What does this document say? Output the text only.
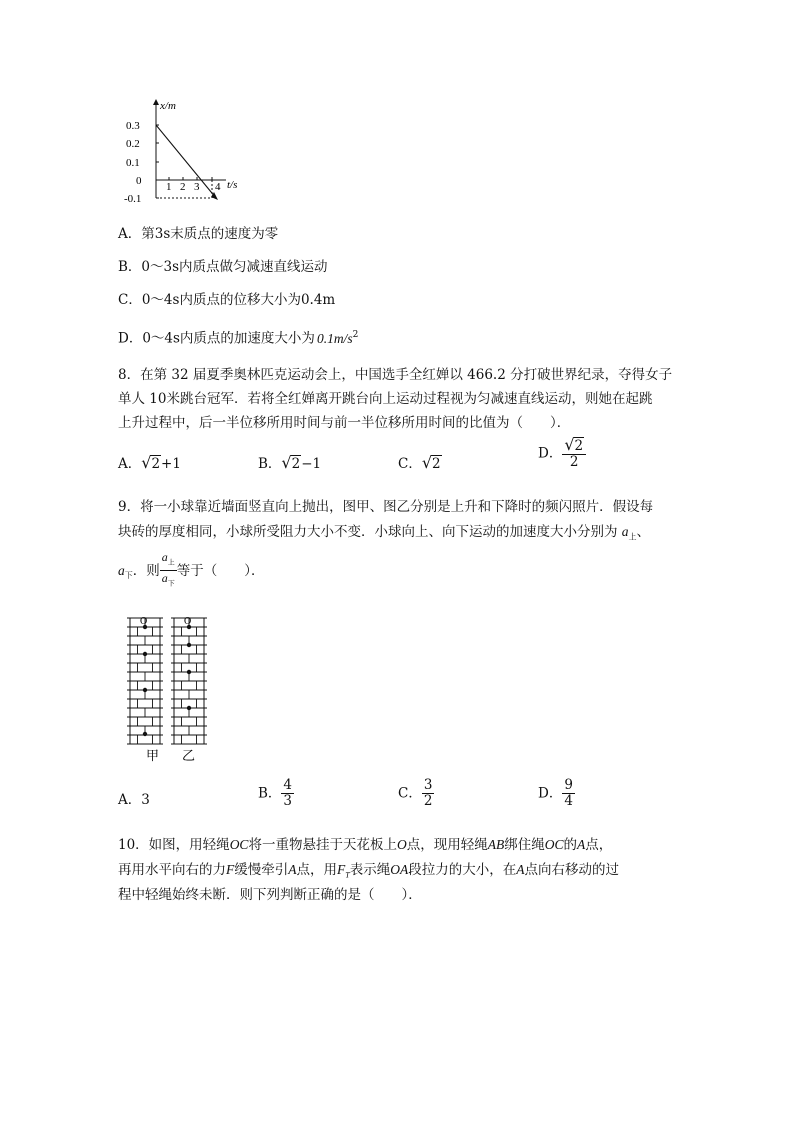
x/m
0.3
0.2
0.1
0
-0.1
1 2 3 4 t/s
A．第3s末质点的速度为零
B．0～3s内质点做匀减速直线运动
C．0～4s内质点的位移大小为0.4m
D．0～4s内质点的加速度大小为 $0.1m/s^2$
8．在第 32 届夏季奥林匹克运动会上，中国选手全红婵以 466.2 分打破世界纪录，夺得女子
单人 10米跳台冠军．若将全红婵离开跳台向上运动过程视为匀减速直线运动，则她在起跳
上升过程中，后一半位移所用时间与前一半位移所用时间的比值为（　　）．
A．√2+1	B．√2−1	C．√2
D． $\frac{√2}{2}$
9．将一小球靠近墙面竖直向上抛出，图甲、图乙分别是上升和下降时的频闪照片．假设每
块砖的厚度相同，小球所受阻力大小不变．小球向上、向下运动的加速度大小分别为 $a_上$、
$a_下$．则 $\frac{a_上}{a_下}$ 等于（　　）．
甲 乙
O	O
A．3	B． $\frac{4}{3}$	C． $\frac{3}{2}$	D． $\frac{9}{4}$
10．如图，用轻绳OC将一重物悬挂于天花板上O点，现用轻绳AB绑住绳OC的A点，
再用水平向右的力F缓慢牵引A点，用$F_T$表示绳OA段拉力的大小，在A点向右移动的过
程中轻绳始终未断．则下列判断正确的是（　　）．
